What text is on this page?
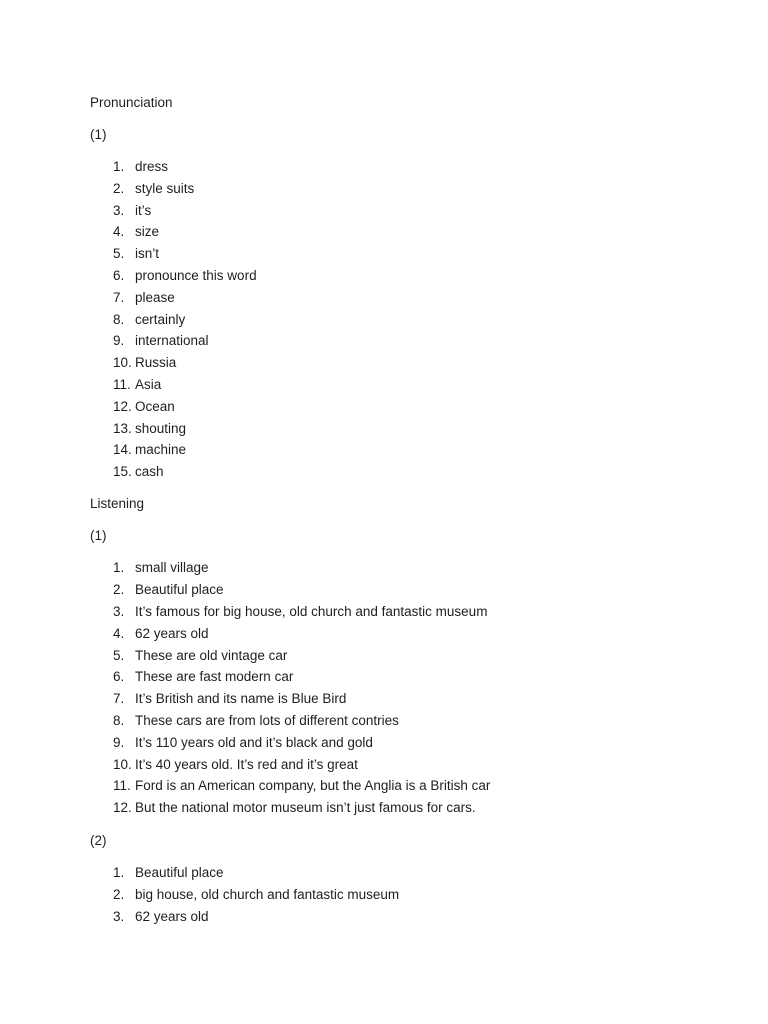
Pronunciation
(1)
1. dress
2. style suits
3. it’s
4. size
5. isn’t
6. pronounce this word
7. please
8. certainly
9. international
10. Russia
11. Asia
12. Ocean
13. shouting
14. machine
15. cash
Listening
(1)
1. small village
2. Beautiful place
3. It’s famous for big house, old church and fantastic museum
4. 62 years old
5. These are old vintage car
6. These are fast modern car
7. It’s British and its name is Blue Bird
8. These cars are from lots of different contries
9. It’s 110 years old and it’s black and gold
10. It’s 40 years old. It’s red and it’s great
11. Ford is an American company, but the Anglia is a British car
12. But the national motor museum isn’t just famous for cars.
(2)
1. Beautiful place
2. big house, old church and fantastic museum
3. 62 years old
